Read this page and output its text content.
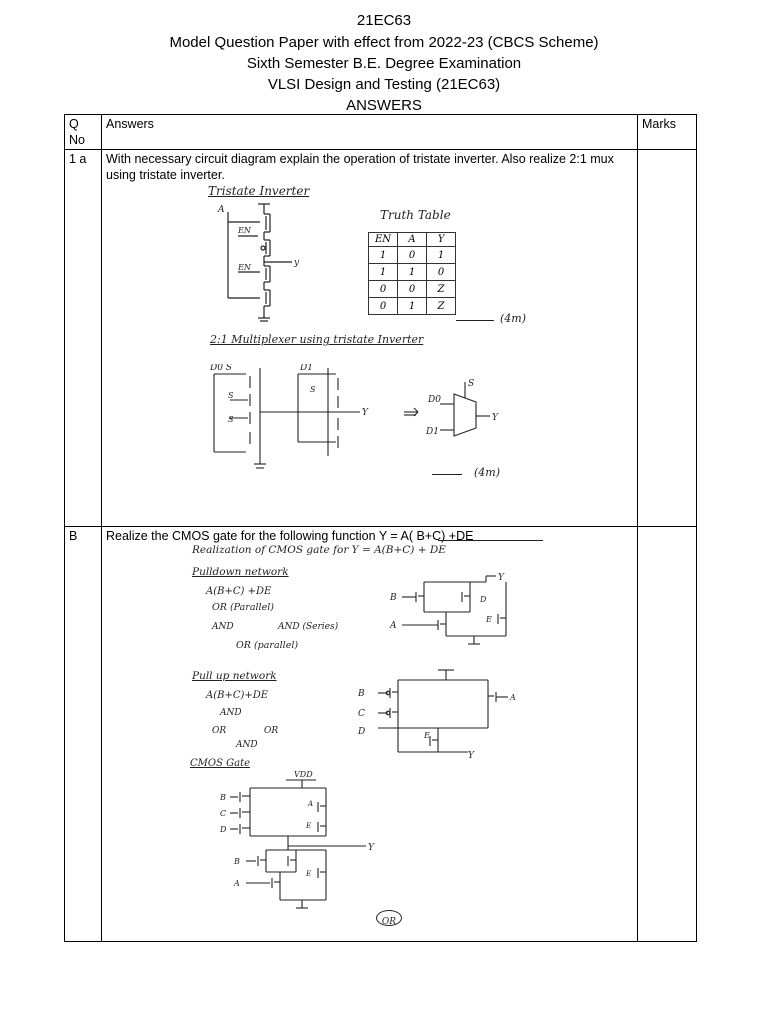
21EC63
Model Question Paper with effect from 2022-23 (CBCS Scheme)
Sixth Semester B.E. Degree Examination
VLSI Design and Testing (21EC63)
ANSWERS
Q No	Answers	Marks
1 a	With necessary circuit diagram explain the operation of tristate inverter. Also realize 2:1 mux using tristate inverter.	
B	Realize the CMOS gate for the following function Y = A( B+C) +DE	
Tristate Inverter
Truth Table
A
EN
EN	y
EN	A	Y
1	0	1
1	1	0
0	0	Z
0	1	Z
(4m)
2:1 Multiplexer using tristate Inverter
D0 S
S
S
D1
S
Y
D0
D1
S
Y
(4m)
Realization of CMOS gate for Y = A(B+C) + DE
Pulldown network
A(B+C) +DE
OR (Parallel)
AND	AND (Series)
OR (parallel)
B
A
Y
D
E
Pull up network
A(B+C)+DE
AND
OR	OR
AND
B
C
D
A
Y
E
CMOS Gate
VDD
B
C
D
A
E
Y
B
A
E
OR
